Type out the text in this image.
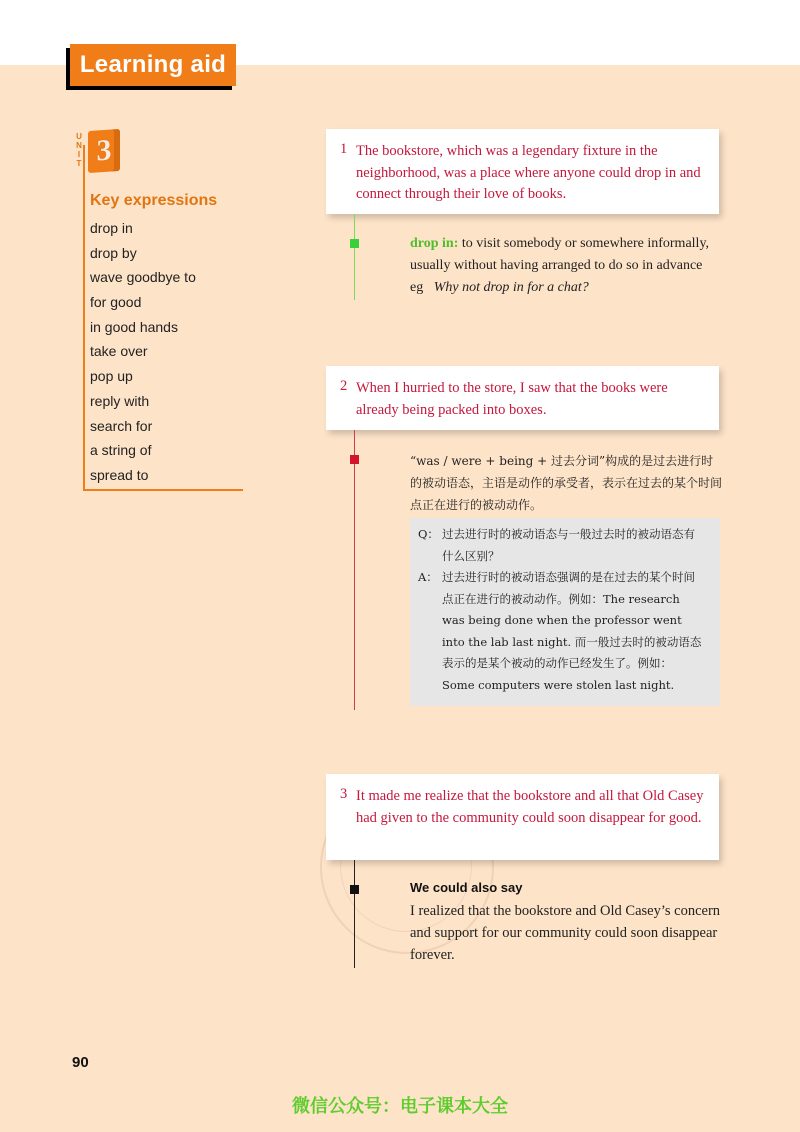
Learning aid
U
N
I
T 3
Key expressions
drop in
drop by
wave goodbye to
for good
in good hands
take over
pop up
reply with
search for
a string of
spread to
1 The bookstore, which was a legendary fixture in the neighborhood, was a place where anyone could drop in and connect through their love of books.
drop in: to visit somebody or somewhere informally, usually without having arranged to do so in advance
eg Why not drop in for a chat?
2 When I hurried to the store, I saw that the books were already being packed into boxes.
“was / were + being + 过去分词”构成的是过去进行时的被动语态，主语是动作的承受者，表示在过去的某个时间点正在进行的被动动作。
Q： 过去进行时的被动语态与一般过去时的被动语态有什么区别？
A： 过去进行时的被动语态强调的是在过去的某个时间点正在进行的被动动作。例如：The research was being done when the professor went into the lab last night. 而一般过去时的被动语态表示的是某个被动的动作已经发生了。例如：Some computers were stolen last night.
3 It made me realize that the bookstore and all that Old Casey had given to the community could soon disappear for good.
We could also say
I realized that the bookstore and Old Casey’s concern and support for our community could soon disappear forever.
90
微信公众号：电子课本大全
